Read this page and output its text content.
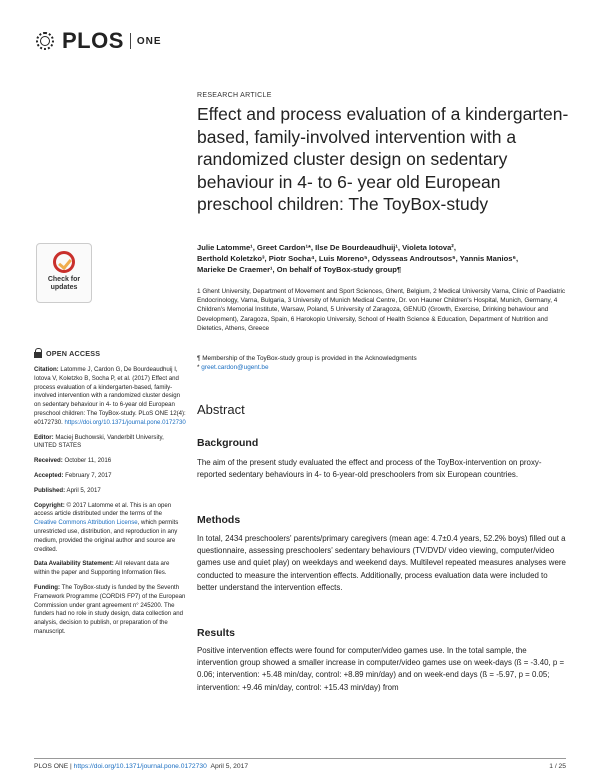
PLOS ONE
RESEARCH ARTICLE
Effect and process evaluation of a kindergarten-based, family-involved intervention with a randomized cluster design on sedentary behaviour in 4- to 6- year old European preschool children: The ToyBox-study
Julie Latomme¹, Greet Cardon¹*, Ilse De Bourdeaudhuij¹, Violeta Iotova²,
Berthold Koletzko³, Piotr Socha⁴, Luis Moreno⁵, Odysseas Androutsos⁶, Yannis Manios⁶,
Marieke De Craemer¹, On behalf of ToyBox-study group¶
1 Ghent University, Department of Movement and Sport Sciences, Ghent, Belgium, 2 Medical University Varna, Clinic of Paediatric Endocrinology, Varna, Bulgaria, 3 University of Munich Medical Centre, Dr. von Hauner Children's Hospital, Munich, Germany, 4 Children's Memorial Institute, Warsaw, Poland, 5 University of Zaragoza, GENUD (Growth, Exercise, Drinking behaviour and Development), Zaragoza, Spain, 6 Harokopio University, School of Health Science & Education, Department of Nutrition and Dietetics, Athens, Greece
¶ Membership of the ToyBox-study group is provided in the Acknowledgments
* greet.cardon@ugent.be
Abstract
Background
The aim of the present study evaluated the effect and process of the ToyBox-intervention on proxy-reported sedentary behaviours in 4- to 6-year-old preschoolers from six European countries.
Methods
In total, 2434 preschoolers' parents/primary caregivers (mean age: 4.7±0.4 years, 52.2% boys) filled out a questionnaire, assessing preschoolers' sedentary behaviours (TV/DVD/ video viewing, computer/video games use and quiet play) on weekdays and weekend days. Multilevel repeated measures analyses were conducted to measure the intervention effects. Additionally, process evaluation data were included to better understand the intervention effects.
Results
Positive intervention effects were found for computer/video games use. In the total sample, the intervention group showed a smaller increase in computer/video games use on week-days (ß = -3.40, p = 0.06; intervention: +5.48 min/day, control: +8.89 min/day) and on week-end days (ß = -5.97, p = 0.05; intervention: +9.46 min/day, control: +15.43 min/day) from
Check for
updates
OPEN ACCESS

Citation: Latomme J, Cardon G, De Bourdeaudhuij I, Iotova V, Koletzko B, Socha P, et al. (2017) Effect and process evaluation of a kindergarten-based, family-involved intervention with a randomized cluster design on sedentary behaviour in 4- to 6-year old European preschool children: The ToyBox-study. PLoS ONE 12(4): e0172730. https://doi.org/10.1371/journal.pone.0172730

Editor: Maciej Buchowski, Vanderbilt University, UNITED STATES

Received: October 11, 2016

Accepted: February 7, 2017

Published: April 5, 2017

Copyright: © 2017 Latomme et al. This is an open access article distributed under the terms of the Creative Commons Attribution License, which permits unrestricted use, distribution, and reproduction in any medium, provided the original author and source are credited.

Data Availability Statement: All relevant data are within the paper and Supporting Information files.

Funding: The ToyBox-study is funded by the Seventh Framework Programme (CORDIS FP7) of the European Commission under grant agreement n° 245200. The funders had no role in study design, data collection and analysis, decision to publish, or preparation of the manuscript.

PLOS ONE | https://doi.org/10.1371/journal.pone.0172730 April 5, 2017	1 / 25
